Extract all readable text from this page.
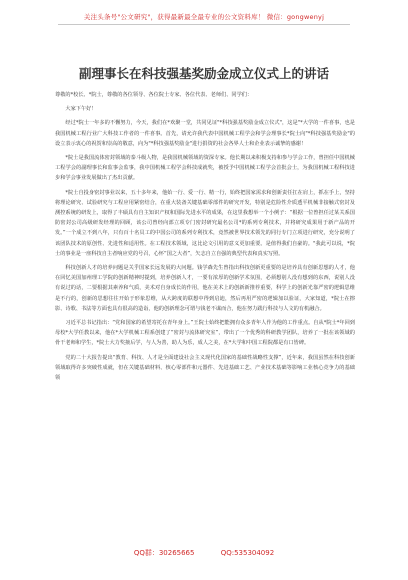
关注头条号"公文研究"，获得最新最全最专业的公文资料库！ 微信：gongwenyj
副理事长在科技强基奖励金成立仪式上的讲话

尊敬的*校长、*院士，尊敬的各位领导、各位院士专家、各位代表、老师们、同学们：

大家下午好！

经过*院士一年多的不懈努力，今天，我们在*欢聚一堂，共同见证"*科技强基奖励金成立仪式"，这是"*大学的一件喜事，也是我国机械工程行业广大科技工作者的一件喜事。首先，请允许我代表中国机械工程学会和学会理事长*院士向"*科技强基奖励金"的设立表示衷心的祝贺和崇高的敬意，向为"*科技强基奖励金"进行捐资的社会各界人士和企业表示诚挚的感谢！

*院士是我国流体密封领域的泰斗级人物，是我国机械领域的资深专家。他长期以来积极支持和参与学会工作，曾担任中国机械工程学会的副理事长和监事会监事，我中国机械工程学会科技成就奖，被授予中国机械工程学会首批会士，为我国机械工程科技进步和学会事业发展做出了杰出贡献。

*院士自投身密封事业以来，五十多年来，他始一行、爱一行、精一行，始终把国家需求和创新责任扛在肩上，抓在手上，坚持将理论研究、试验研究与工程应用紧密结合，在重大装备关键基础零部件的研究开发，特别是危险性介质透平机械非接触式密封及测控系统的研发上，取得了丰硕具有自主知识产权和国际先进水平的成果，在这里我想举一个小例子：“根据一位曾担任过某关系国防密封公司高级研发经理的回顾，该公司曾经向部立项专门密封研究最名公司*的系列专利技术，并将研究成果用于新产品的开发。”一个成立不到八年，只有百十名员工的中国公司的系列专利技术，竟然被世界技术领先的同行专门立项进行研究，充分说明了该团队技术的原创性、先进性和适用性。在工程技术领域，这比论文引用的意义更加重要。是值得我们自豪的。"我此可以说，*院士的事业是一座科技自主者响应党的号召，心怀“国之大者”，矢志自立自强的典型代表和真实写照。

科技创新人才的培养问题是关乎国家长远发展的大问题。钱学森先生曾指出科技创新更重要的是培养具有创新思想的人才，他在回忆美国加州理工学院的创新精神时提到，培养创新人才，一要有浓厚的创新学术氛围，必须想别人没有想到的东西，说别人没有说过的话，二要根据其素养和气质，美术对自身成长的作用，他在美术上的创新新推荐重要，科学上的创新光靠严密的逻辑思维是不行的，创新的思想往往开始于形象思维，从大跨度的联想中得到启迪，然后再用严密的逻辑加以验证，大家知道，*院士在擦影、诗歌、书法等方面也具有很高的造诣，他的创新理念可谓与钱老不谋而合，他在努力践行科技与人文的有机融合。

习近平总书记指出：“党和国家的希望寄托在青年身上。”王院士始终把能拥有众多青年人作为他的工作重点。自从*院士*年回到母校*大学任教以来，他在*大学机械工程系创建了“密封与流体研究室”，带出了一个优秀的科研教学团队，培养了一批在该领域的骨干老师和学生，*院士大力奖掖后学，与人为善，助人为乐，成人之美，在*大学和中国工程院都是有口皆碑。

党的二十大报告提出“教育、科技、人才是全面建设社会主义现代化国家的基础性战略性支撑”，近年来，我国虽然在科技创新领域取得许多突破性成就，但在关键基础材料、核心零部件和元器件、先进基础工艺、产业技术基础等影响工业核心竞争力的基础领

QQ群：30265665	QQ:535304092
